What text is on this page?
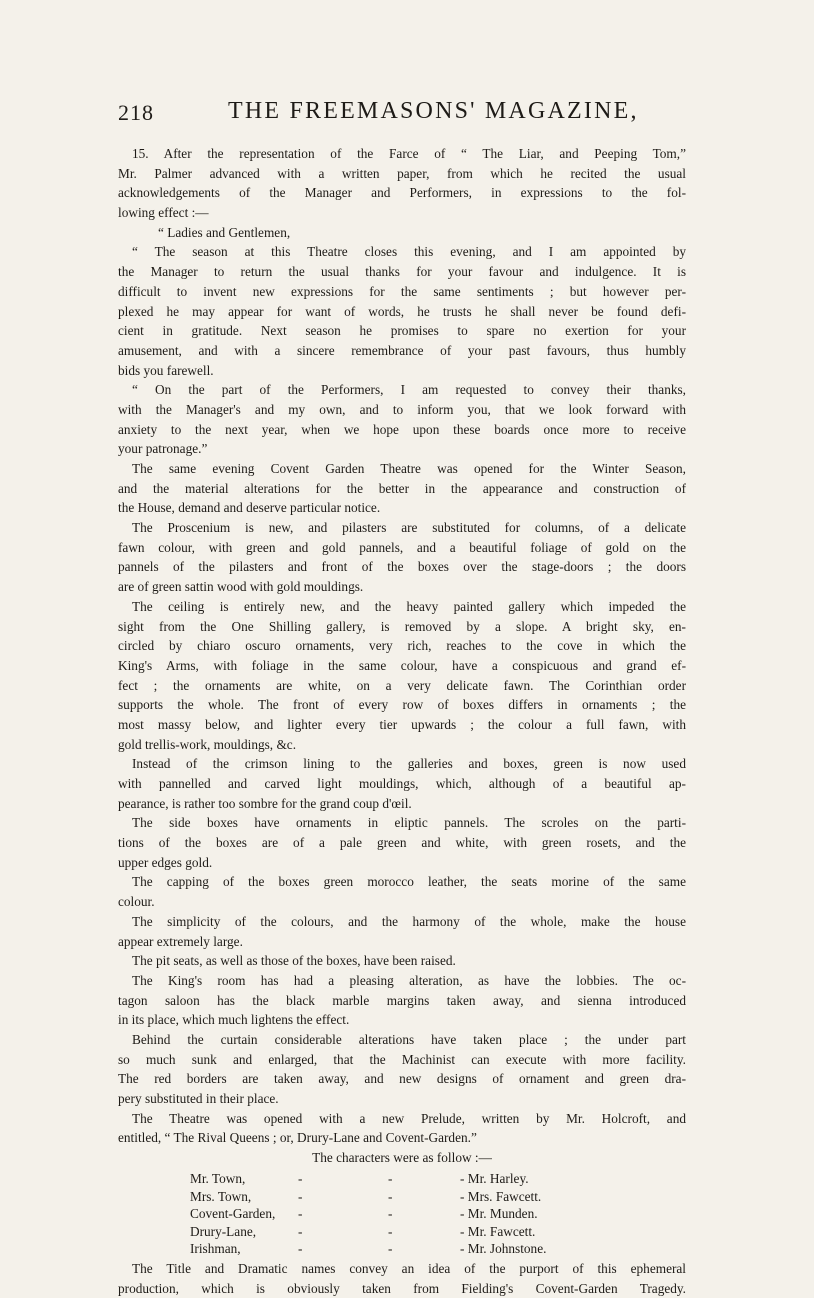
218	THE FREEMASONS' MAGAZINE,
15. After the representation of the Farce of “ The Liar, and Peeping Tom,”
Mr. Palmer advanced with a written paper, from which he recited the usual
acknowledgements of the Manager and Performers, in expressions to the fol-
lowing effect :—
“ Ladies and Gentlemen,
“ The season at this Theatre closes this evening, and I am appointed by
the Manager to return the usual thanks for your favour and indulgence. It is
difficult to invent new expressions for the same sentiments ; but however per-
plexed he may appear for want of words, he trusts he shall never be found defi-
cient in gratitude. Next season he promises to spare no exertion for your
amusement, and with a sincere remembrance of your past favours, thus humbly
bids you farewell.
“ On the part of the Performers, I am requested to convey their thanks,
with the Manager's and my own, and to inform you, that we look forward with
anxiety to the next year, when we hope upon these boards once more to receive
your patronage.”
The same evening Covent Garden Theatre was opened for the Winter Season,
and the material alterations for the better in the appearance and construction of
the House, demand and deserve particular notice.
The Proscenium is new, and pilasters are substituted for columns, of a delicate
fawn colour, with green and gold pannels, and a beautiful foliage of gold on the
pannels of the pilasters and front of the boxes over the stage-doors ; the doors
are of green sattin wood with gold mouldings.
The ceiling is entirely new, and the heavy painted gallery which impeded the
sight from the One Shilling gallery, is removed by a slope. A bright sky, en-
circled by chiaro oscuro ornaments, very rich, reaches to the cove in which the
King's Arms, with foliage in the same colour, have a conspicuous and grand ef-
fect ; the ornaments are white, on a very delicate fawn. The Corinthian order
supports the whole. The front of every row of boxes differs in ornaments ; the
most massy below, and lighter every tier upwards ; the colour a full fawn, with
gold trellis-work, mouldings, &c.
Instead of the crimson lining to the galleries and boxes, green is now used
with pannelled and carved light mouldings, which, although of a beautiful ap-
pearance, is rather too sombre for the grand coup d'œil.
The side boxes have ornaments in eliptic pannels. The scroles on the parti-
tions of the boxes are of a pale green and white, with green rosets, and the
upper edges gold.
The capping of the boxes green morocco leather, the seats morine of the same
colour.
The simplicity of the colours, and the harmony of the whole, make the house
appear extremely large.
The pit seats, as well as those of the boxes, have been raised.
The King's room has had a pleasing alteration, as have the lobbies. The oc-
tagon saloon has the black marble margins taken away, and sienna introduced
in its place, which much lightens the effect.
Behind the curtain considerable alterations have taken place ; the under part
so much sunk and enlarged, that the Machinist can execute with more facility.
The red borders are taken away, and new designs of ornament and green dra-
pery substituted in their place.
The Theatre was opened with a new Prelude, written by Mr. Holcroft, and
entitled, “ The Rival Queens ; or, Drury-Lane and Covent-Garden.”
The characters were as follow :—
Mr. Town,	-	-	- Mr. Harley.
Mrs. Town,	-	-	- Mrs. Fawcett.
Covent-Garden, -	-	- Mr. Munden.
Drury-Lane,	-	-	- Mr. Fawcett.
Irishman,	-	-	- Mr. Johnstone.
The Title and Dramatic names convey an idea of the purport of this ephemeral
production, which is obviously taken from Fielding's Covent-Garden Tragedy.
